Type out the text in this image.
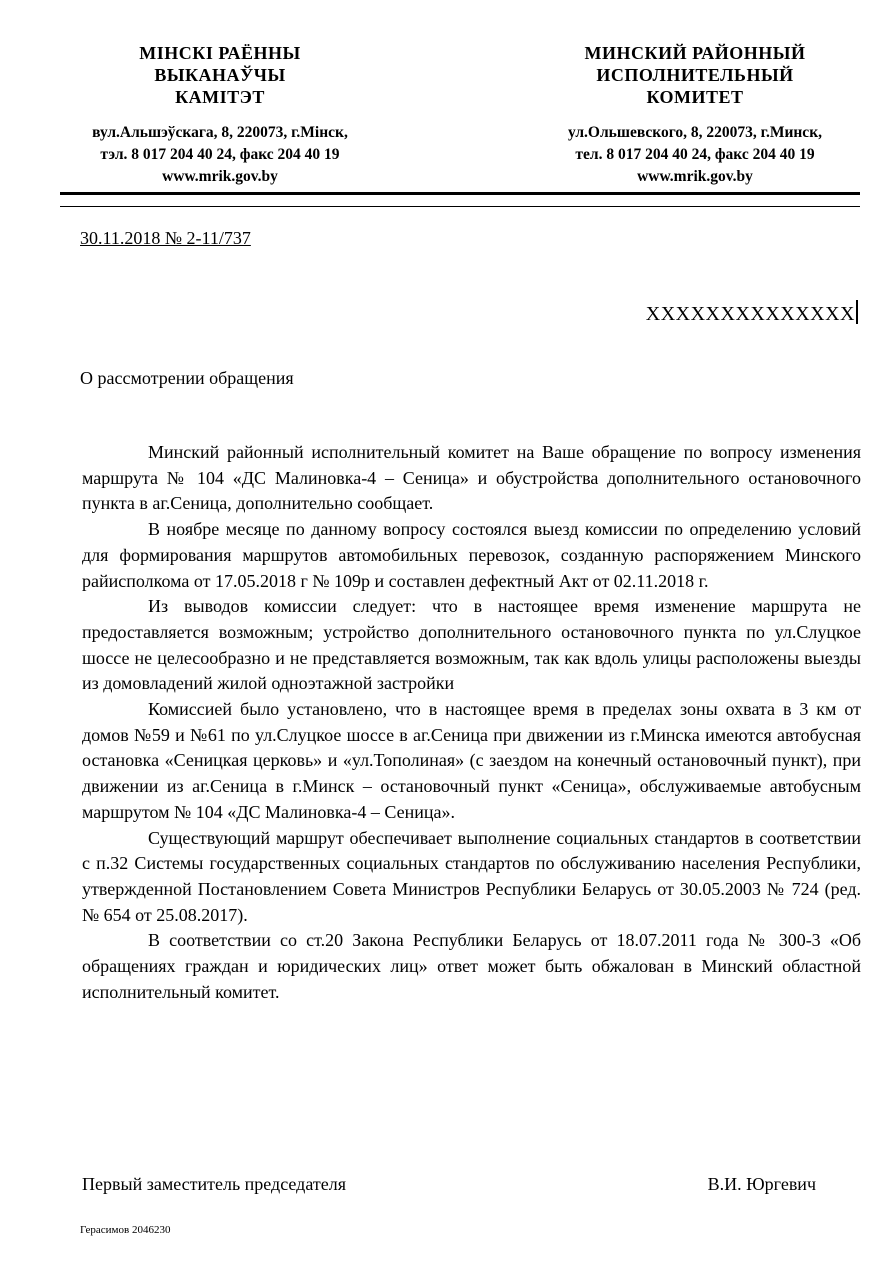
МІНСКІ РАЁННЫ
ВЫКАНАЎЧЫ
КАМІТЭТ
вул.Альшэўскага, 8, 220073, г.Мінск,
тэл. 8 017 204 40 24, факс 204 40 19
www.mrik.gov.by
МИНСКИЙ РАЙОННЫЙ
ИСПОЛНИТЕЛЬНЫЙ
КОМИТЕТ
ул.Ольшевского, 8, 220073, г.Минск,
тел. 8 017 204 40 24, факс 204 40 19
www.mrik.gov.by
30.11.2018 № 2-11/737
ХХХХХХХХХХХХХХ
О рассмотрении обращения

Минский районный исполнительный комитет на Ваше обращение по вопросу изменения маршрута № 104 «ДС Малиновка-4 – Сеница» и обустройства дополнительного остановочного пункта в аг.Сеница, дополнительно сообщает.

В ноябре месяце по данному вопросу состоялся выезд комиссии по определению условий для формирования маршрутов автомобильных перевозок, созданную распоряжением Минского райисполкома от 17.05.2018 г № 109р и составлен дефектный Акт от 02.11.2018 г.

Из выводов комиссии следует: что в настоящее время изменение маршрута не предоставляется возможным; устройство дополнительного остановочного пункта по ул.Слуцкое шоссе не целесообразно и не представляется возможным, так как вдоль улицы расположены выезды из домовладений жилой одноэтажной застройки

Комиссией было установлено, что в настоящее время в пределах зоны охвата в 3 км от домов №59 и №61 по ул.Слуцкое шоссе в аг.Сеница при движении из г.Минска имеются автобусная остановка «Сеницкая церковь» и «ул.Тополиная» (с заездом на конечный остановочный пункт), при движении из аг.Сеница в г.Минск – остановочный пункт «Сеница», обслуживаемые автобусным маршрутом № 104 «ДС Малиновка-4 – Сеница».

Существующий маршрут обеспечивает выполнение социальных стандартов в соответствии с п.32 Системы государственных социальных стандартов по обслуживанию населения Республики, утвержденной Постановлением Совета Министров Республики Беларусь от 30.05.2003 № 724 (ред. № 654 от 25.08.2017).

В соответствии со ст.20 Закона Республики Беларусь от 18.07.2011 года № 300-3 «Об обращениях граждан и юридических лиц» ответ может быть обжалован в Минский областной исполнительный комитет.

Первый заместитель председателя	В.И. Юргевич
Герасимов 2046230
